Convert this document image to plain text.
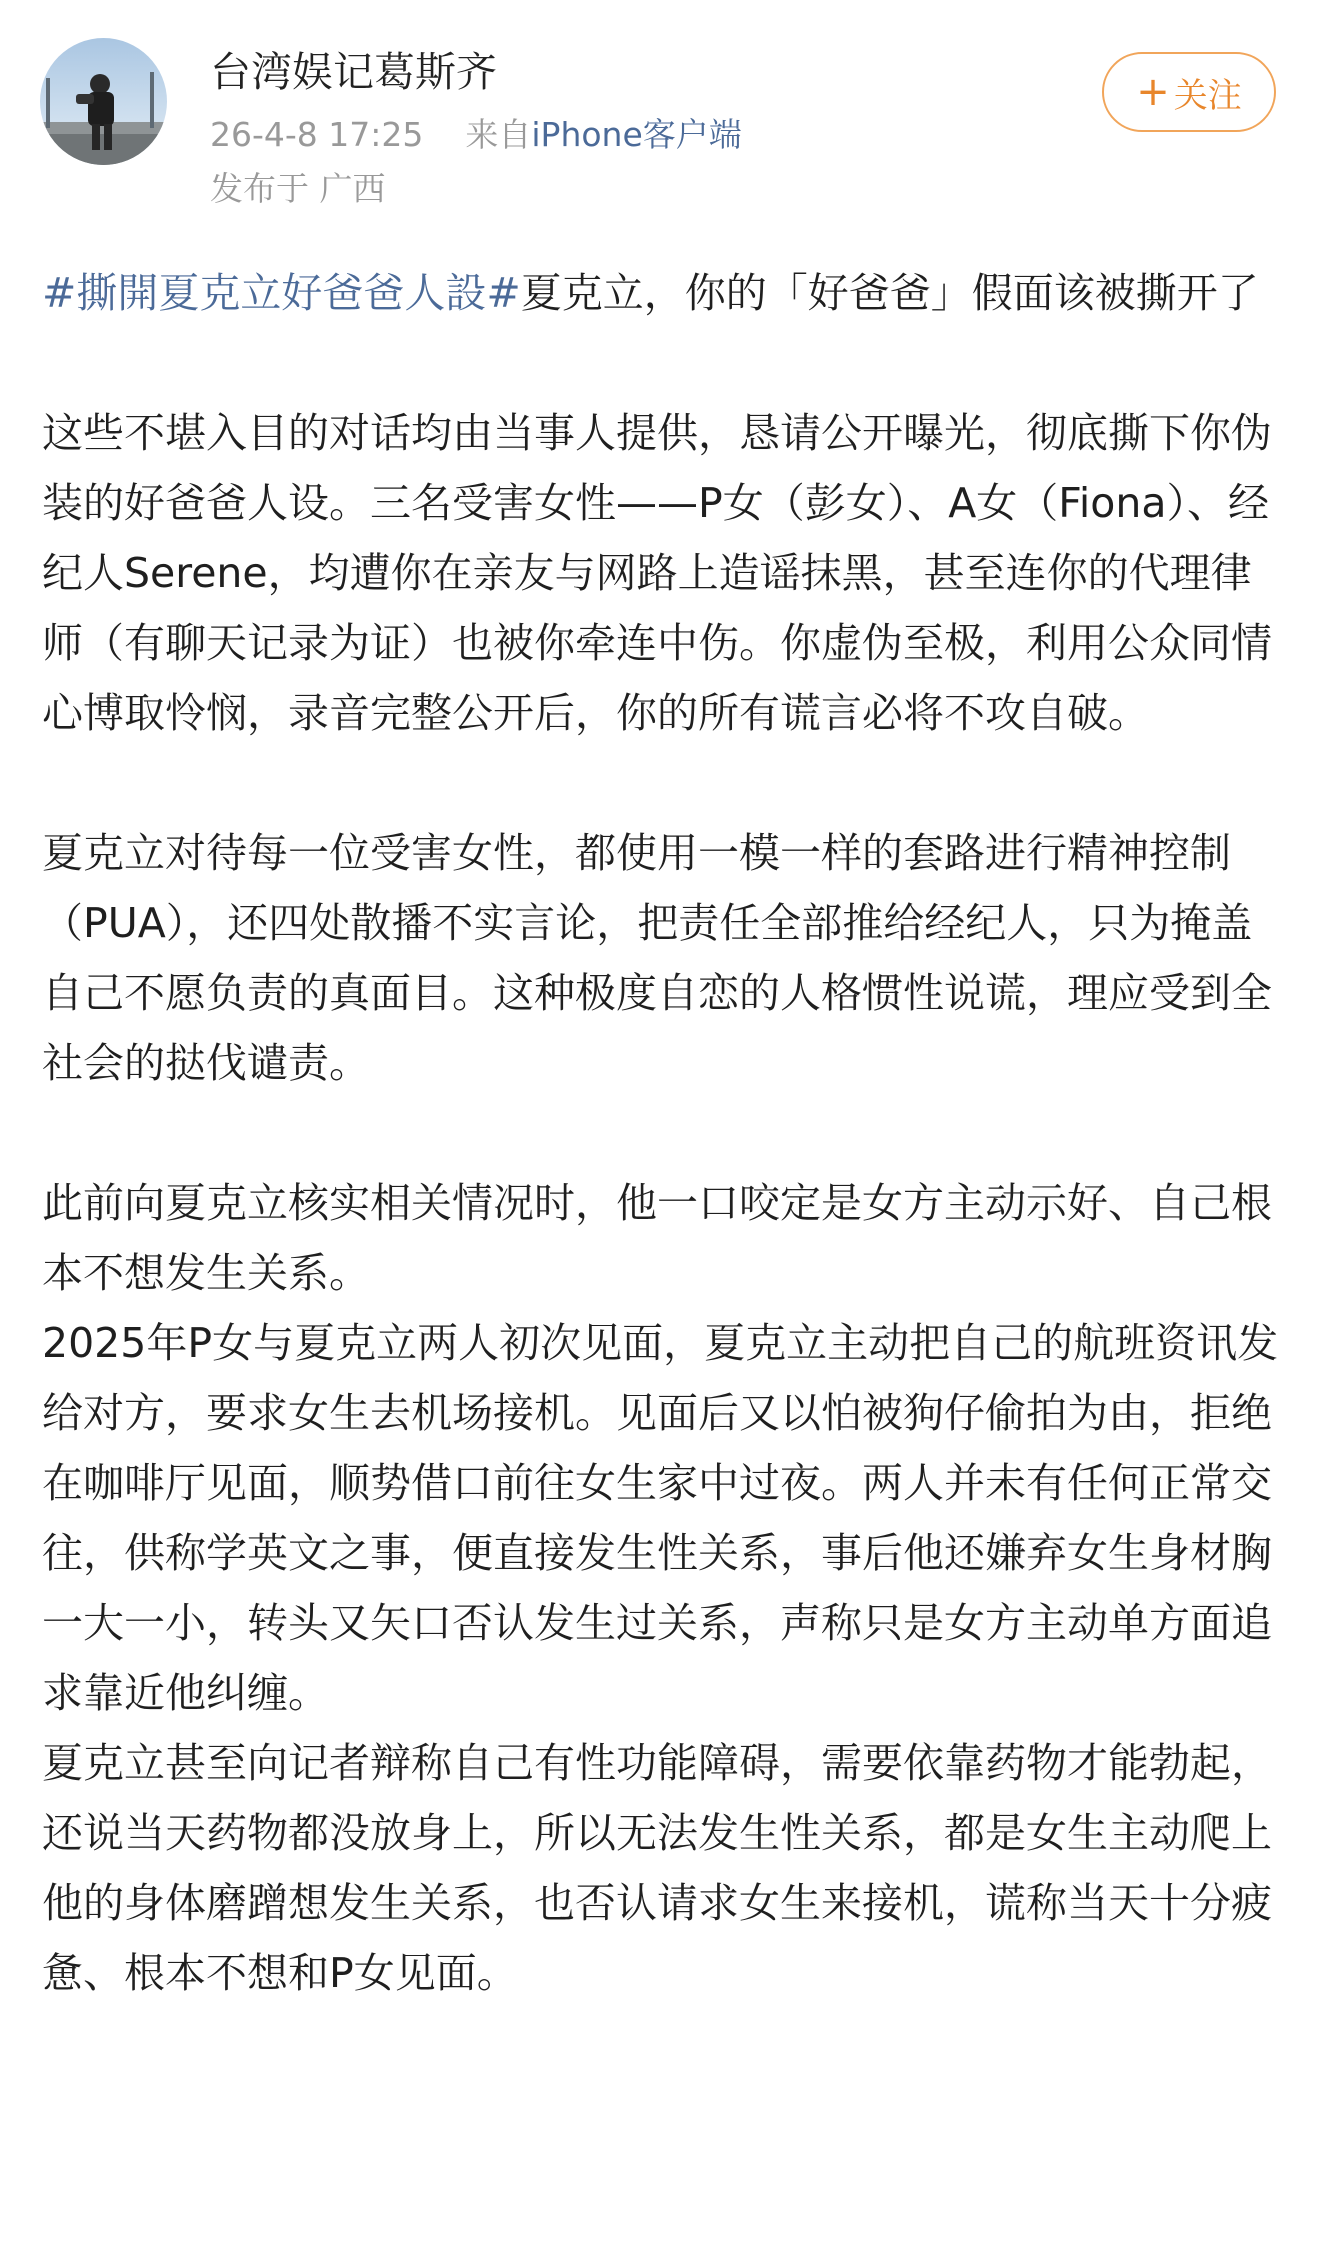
台湾娱记葛斯齐
26-4-8 17:25 来自iPhone客户端
发布于 广西
+ 关注

#撕開夏克立好爸爸人設#夏克立，你的「好爸爸」假面该被撕开了

这些不堪入目的对话均由当事人提供，恳请公开曝光，彻底撕下你伪装的好爸爸人设。三名受害女性——P女（彭女）、A女（Fiona）、经纪人Serene，均遭你在亲友与网路上造谣抹黑，甚至连你的代理律师（有聊天记录为证）也被你牵连中伤。你虚伪至极，利用公众同情心博取怜悯，录音完整公开后，你的所有谎言必将不攻自破。

夏克立对待每一位受害女性，都使用一模一样的套路进行精神控制（PUA），还四处散播不实言论，把责任全部推给经纪人，只为掩盖自己不愿负责的真面目。这种极度自恋的人格惯性说谎，理应受到全社会的挞伐谴责。

此前向夏克立核实相关情况时，他一口咬定是女方主动示好、自己根本不想发生关系。

2025年P女与夏克立两人初次见面，夏克立主动把自己的航班资讯发给对方，要求女生去机场接机。见面后又以怕被狗仔偷拍为由，拒绝在咖啡厅见面，顺势借口前往女生家中过夜。两人并未有任何正常交往，供称学英文之事，便直接发生性关系，事后他还嫌弃女生身材胸一大一小，转头又矢口否认发生过关系，声称只是女方主动单方面追求靠近他纠缠。

夏克立甚至向记者辩称自己有性功能障碍，需要依靠药物才能勃起，还说当天药物都没放身上，所以无法发生性关系，都是女生主动爬上他的身体磨蹭想发生关系，也否认请求女生来接机，谎称当天十分疲惫、根本不想和P女见面。
